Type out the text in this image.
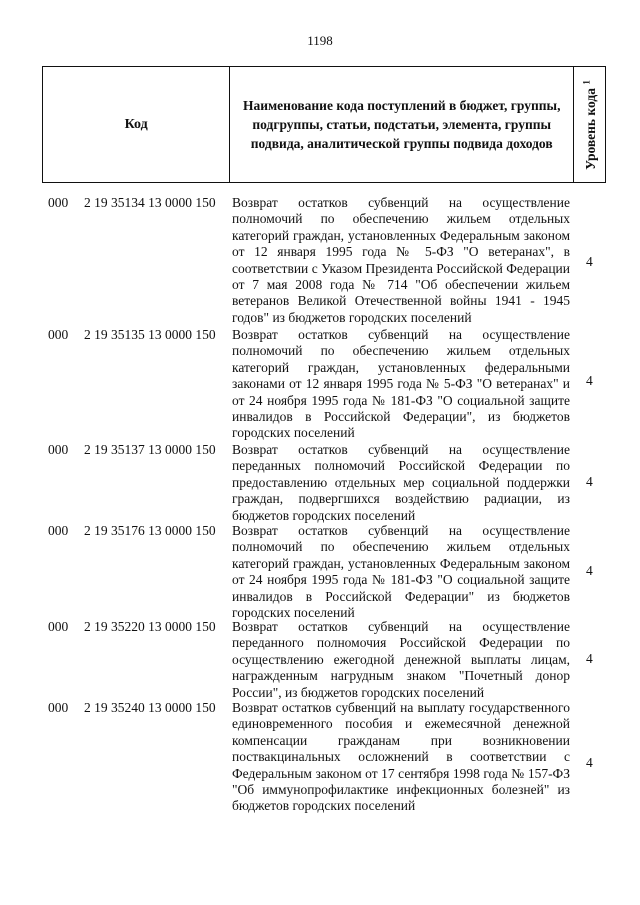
1198
Код
Наименование кода поступлений в бюджет, группы, подгруппы, статьи, подстатьи, элемента, группы подвида, аналитической группы подвида доходов	Уровень кода $^1$
000 2 19 35134 13 0000 150 Возврат остатков субвенций на осуществление полномочий по обеспечению жильем отдельных категорий граждан, установленных Федеральным законом от 12 января 1995 года № 5-ФЗ "О ветеранах", в соответствии с Указом Президента Российской Федерации от 7 мая 2008 года № 714 "Об обеспечении жильем ветеранов Великой Отечественной войны 1941 - 1945 годов" из бюджетов городских поселений
4
000 2 19 35135 13 0000 150 Возврат остатков субвенций на осуществление полномочий по обеспечению жильем отдельных категорий граждан, установленных федеральными законами от 12 января 1995 года № 5-ФЗ "О ветеранах" и от 24 ноября 1995 года № 181-ФЗ "О социальной защите инвалидов в Российской Федерации", из бюджетов городских поселений
4
000 2 19 35137 13 0000 150 Возврат остатков субвенций на осуществление переданных полномочий Российской Федерации по предоставлению отдельных мер социальной поддержки граждан, подвергшихся воздействию радиации, из бюджетов городских поселений
4
000 2 19 35176 13 0000 150 Возврат остатков субвенций на осуществление полномочий по обеспечению жильем отдельных категорий граждан, установленных Федеральным законом от 24 ноября 1995 года № 181-ФЗ "О социальной защите инвалидов в Российской Федерации" из бюджетов городских поселений
4
000 2 19 35220 13 0000 150 Возврат остатков субвенций на осуществление переданного полномочия Российской Федерации по осуществлению ежегодной денежной выплаты лицам, награжденным нагрудным знаком "Почетный донор России", из бюджетов городских поселений
4
000 2 19 35240 13 0000 150 Возврат остатков субвенций на выплату государственного единовременного пособия и ежемесячной денежной компенсации гражданам при возникновении поствакцинальных осложнений в соответствии с Федеральным законом от 17 сентября 1998 года № 157-ФЗ "Об иммунопрофилактике инфекционных болезней" из бюджетов городских поселений
4
